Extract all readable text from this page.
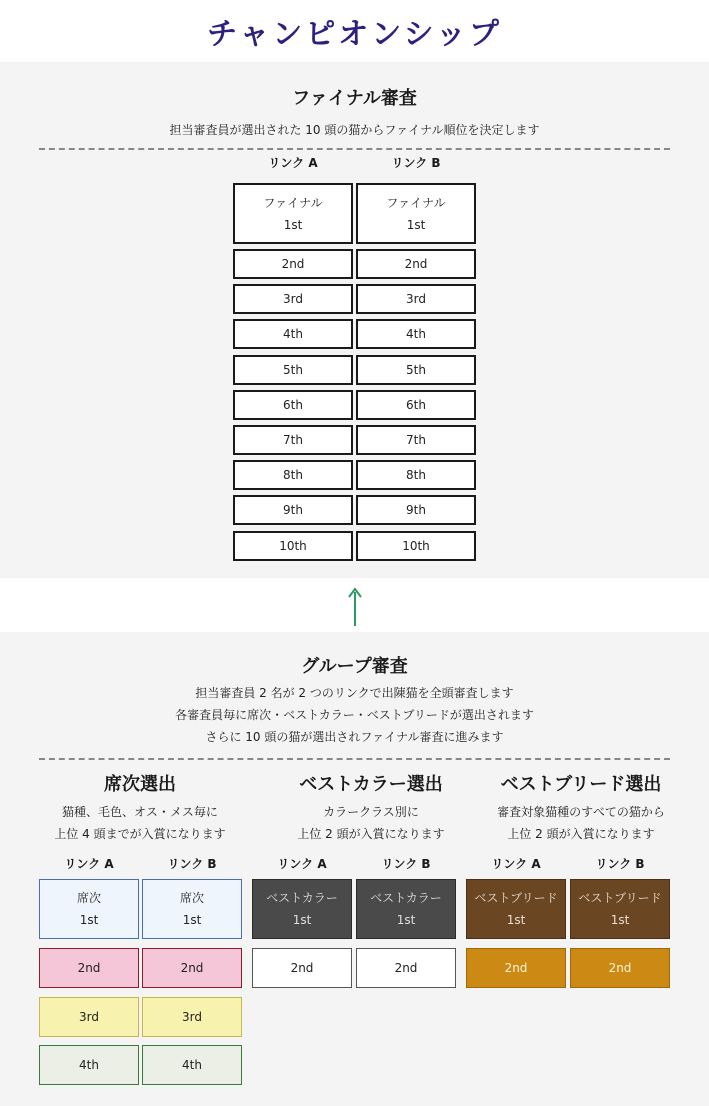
チャンピオンシップ
ファイナル審査
担当審査員が選出された 10 頭の猫からファイナル順位を決定します
リンク A	リンク B
ファイナル
1st
2nd
3rd
4th
5th
6th
7th
8th
9th
10th
ファイナル
1st
2nd
3rd
4th
5th
6th
7th
8th
9th
10th
グループ審査
担当審査員 2 名が 2 つのリンクで出陳猫を全頭審査します
各審査員毎に席次・ベストカラー・ベストブリードが選出されます
さらに 10 頭の猫が選出されファイナル審査に進みます
席次選出
猫種、毛色、オス・メス毎に
上位 4 頭までが入賞になります
リンク A
席次
1st
2nd
3rd
4th
リンク B
席次
1st
2nd
3rd
4th
ベストカラー選出
カラークラス別に
上位 2 頭が入賞になります
リンク A
ベストカラー
1st
2nd
リンク B
ベストカラー
1st
2nd
ベストブリード選出
審査対象猫種のすべての猫から
上位 2 頭が入賞になります
リンク A
ベストブリード
1st
2nd
リンク B
ベストブリード
1st
2nd
